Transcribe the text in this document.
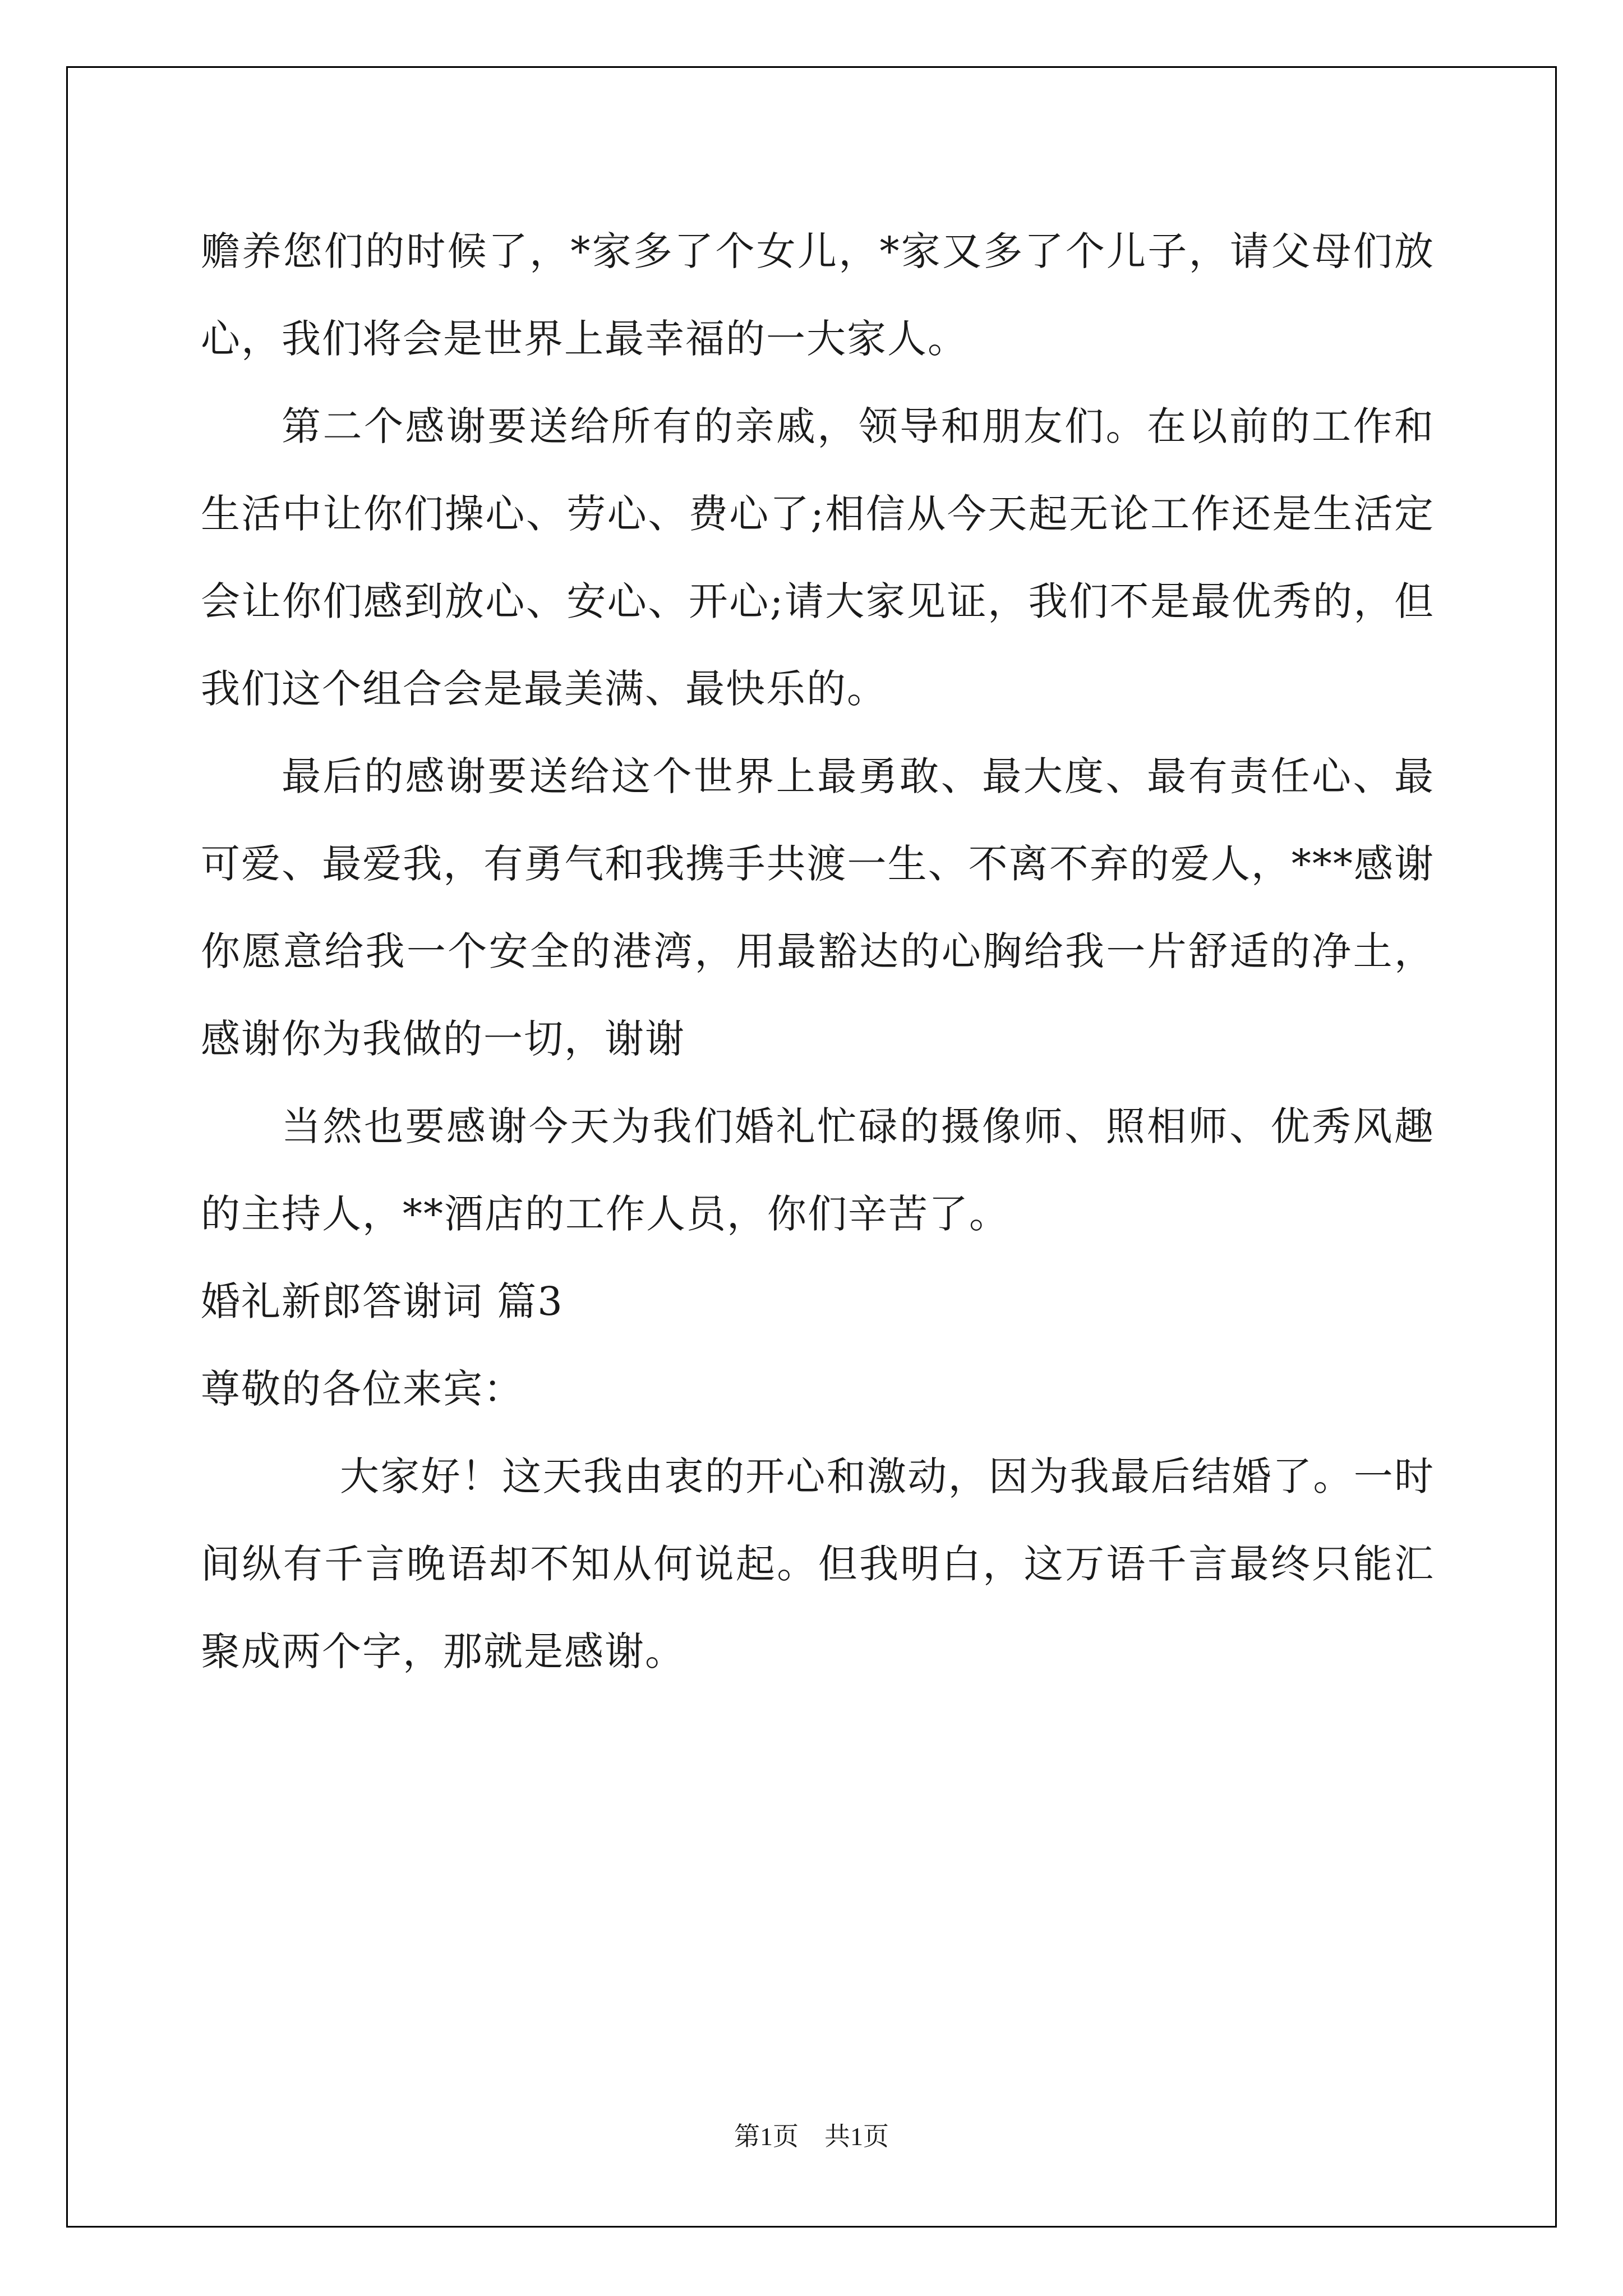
赡养您们的时候了，*家多了个女儿，*家又多了个儿子，请父母们放心，我们将会是世界上最幸福的一大家人。

第二个感谢要送给所有的亲戚，领导和朋友们。在以前的工作和生活中让你们操心、劳心、费心了;相信从今天起无论工作还是生活定会让你们感到放心、安心、开心;请大家见证，我们不是最优秀的，但我们这个组合会是最美满、最快乐的。

最后的感谢要送给这个世界上最勇敢、最大度、最有责任心、最可爱、最爱我，有勇气和我携手共渡一生、不离不弃的爱人，***感谢你愿意给我一个安全的港湾，用最豁达的心胸给我一片舒适的净土，感谢你为我做的一切，谢谢

当然也要感谢今天为我们婚礼忙碌的摄像师、照相师、优秀风趣的主持人，**酒店的工作人员，你们辛苦了。

婚礼新郎答谢词 篇3

尊敬的各位来宾：

大家好！这天我由衷的开心和激动，因为我最后结婚了。一时间纵有千言晚语却不知从何说起。但我明白，这万语千言最终只能汇聚成两个字，那就是感谢。

第1页　共1页
